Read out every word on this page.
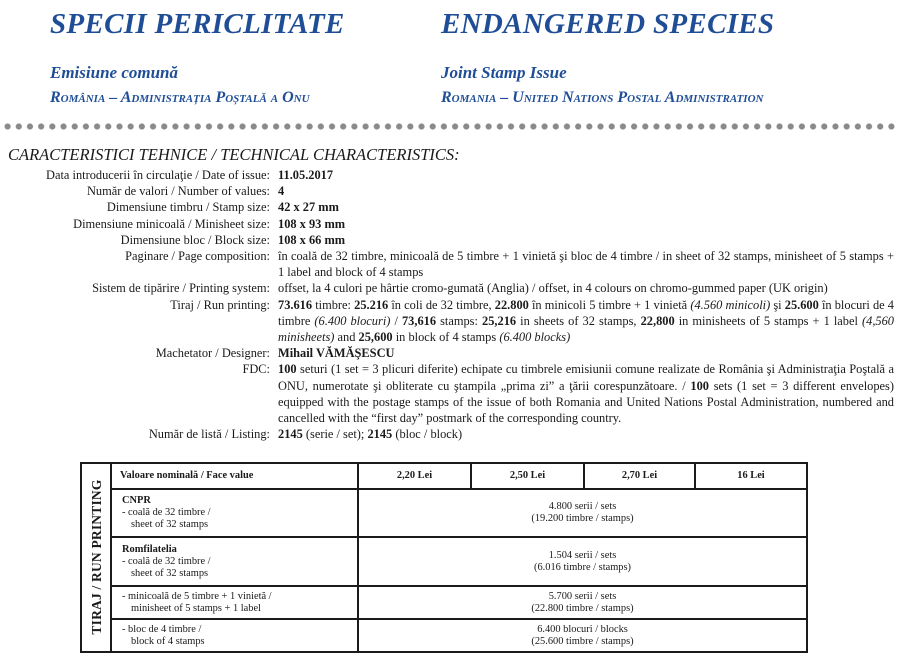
SPECII PERICLITATE	ENDANGERED SPECIES
Emisiune comună	Joint Stamp Issue
România – Administrația Poștală a Onu	Romania – United Nations Postal Administration
CARACTERISTICI TEHNICE / TECHNICAL CHARACTERISTICS:
Data introducerii în circulaţie / Date of issue:	11.05.2017
Număr de valori / Number of values:	4
Dimensiune timbru / Stamp size:	42 x 27 mm
Dimensiune minicoală / Minisheet size:	108 x 93 mm
Dimensiune bloc / Block size:	108 x 66 mm
Paginare / Page composition:	în coală de 32 timbre, minicoală de 5 timbre + 1 vinietă şi bloc de 4 timbre / in sheet of 32 stamps, minisheet of 5 stamps + 1 label and block of 4 stamps
Sistem de tipărire / Printing system:	offset, la 4 culori pe hârtie cromo-gumată (Anglia) / offset, in 4 colours on chromo-gummed paper (UK origin)
Tiraj / Run printing:	73.616 timbre: 25.216 în coli de 32 timbre, 22.800 în minicoli 5 timbre + 1 vinietă (4.560 minicoli) şi 25.600 în blocuri de 4 timbre (6.400 blocuri) / 73,616 stamps: 25,216 in sheets of 32 stamps, 22,800 in minisheets of 5 stamps + 1 label (4,560 minisheets) and 25,600 in block of 4 stamps (6.400 blocks)
Machetator / Designer:	Mihail VĂMĂŞESCU
FDC:	100 seturi (1 set = 3 plicuri diferite) echipate cu timbrele emisiunii comune realizate de România şi Administraţia Poştală a ONU, numerotate şi obliterate cu ştampila „prima zi” a ţării corespunzătoare. / 100 sets (1 set = 3 different envelopes) equipped with the postage stamps of the issue of both Romania and United Nations Postal Administration, numbered and cancelled with the “first day” postmark of the corresponding country.
Număr de listă / Listing:	2145 (serie / set); 2145 (bloc / block)
TIRAJ / RUN PRINTING
Valoare nominală / Face value	2,20 Lei	2,50 Lei	2,70 Lei	16 Lei

CNPR
- coală de 32 timbre /
sheet of 32 stamps	4.800 serii / sets
(19.200 timbre / stamps)			

Romfilatelia
- coală de 32 timbre /
sheet of 32 stamps	1.504 serii / sets
(6.016 timbre / stamps)			

- minicoală de 5 timbre + 1 vinietă /
minisheet of 5 stamps + 1 label	5.700 serii / sets
(22.800 timbre / stamps)			

- bloc de 4 timbre /
block of 4 stamps	6.400 blocuri / blocks
(25.600 timbre / stamps)			
